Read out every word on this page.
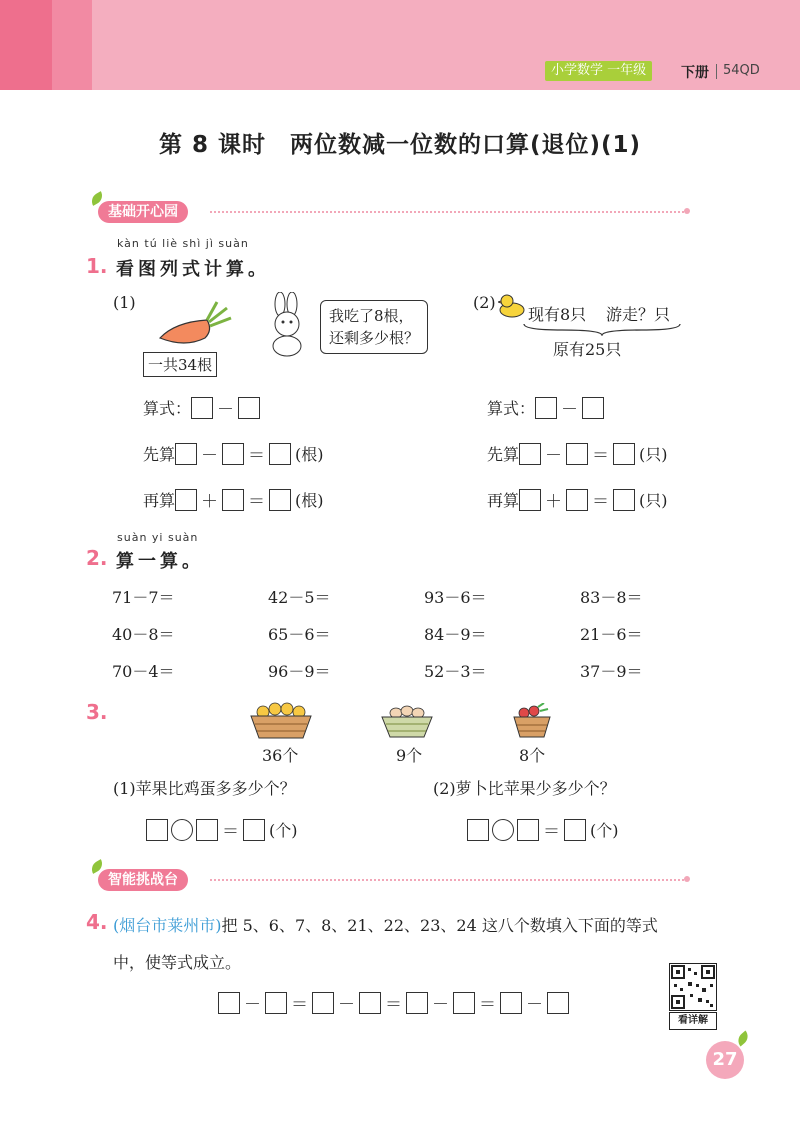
小学数学 一年级	下册 54QD
第 8 课时　两位数减一位数的口算(退位)(1)
基础开心园
kàn tú liè shì jì suàn
1. 看图列式计算。
(1)
一共34根
我吃了8根，
还剩多少根？
(2)
现有8只 游走？只
原有25只
算式： －
先算 － ＝ (根)
再算 ＋ ＝ (根)
算式： －
先算 － ＝ (只)
再算 ＋ ＝ (只)
suàn yi suàn
2. 算一算。
71－7＝	42－5＝	93－6＝	83－8＝
40－8＝	65－6＝	84－9＝	21－6＝
70－4＝	96－9＝	52－3＝	37－9＝
3.
36个	9个	8个
(1)苹果比鸡蛋多多少个？	(2)萝卜比苹果少多少个？
＝ (个)	＝ (个)
智能挑战台
4. (烟台市莱州市)把 5、6、7、8、21、22、23、24 这八个数填入下面的等式
中，使等式成立。
－ ＝ － ＝ － ＝ －
看详解
27
